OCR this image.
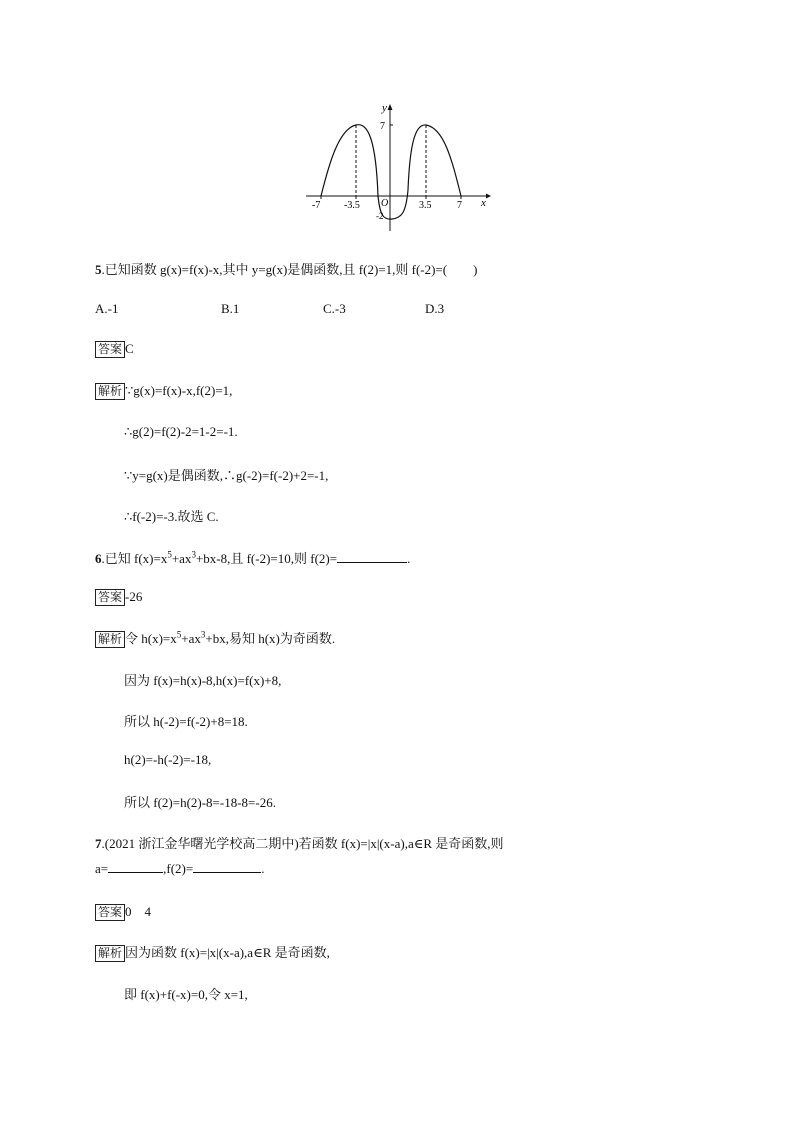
y
7
O
-2
x
-7 -3.5	3.5	7
5.已知函数 g(x)=f(x)-x,其中 y=g(x)是偶函数,且 f(2)=1,则 f(-2)=(　　)
A.-1	B.1	C.-3	D.3
答案 C
解析 ∵g(x)=f(x)-x,f(2)=1,
∴g(2)=f(2)-2=1-2=-1.
∵y=g(x)是偶函数,∴g(-2)=f(-2)+2=-1,
∴f(-2)=-3.故选 C.
6.已知 $f(x)=x^5+ax^3+bx-8$,且 f(-2)=10,则 f(2)=	.
答案 -26
解析 令 $h(x)=x^5+ax^3+bx$,易知 h(x)为奇函数.
因为 f(x)=h(x)-8,h(x)=f(x)+8,
所以 h(-2)=f(-2)+8=18.
h(2)=-h(-2)=-18,
所以 f(2)=h(2)-8=-18-8=-26.
7.(2021 浙江金华曙光学校高二期中)若函数 f(x)=|x|(x-a),a∈R 是奇函数,则
a=	,f(2)=	.
答案 0　4
解析 因为函数 f(x)=|x|(x-a),a∈R 是奇函数,
即 f(x)+f(-x)=0,令 x=1,
